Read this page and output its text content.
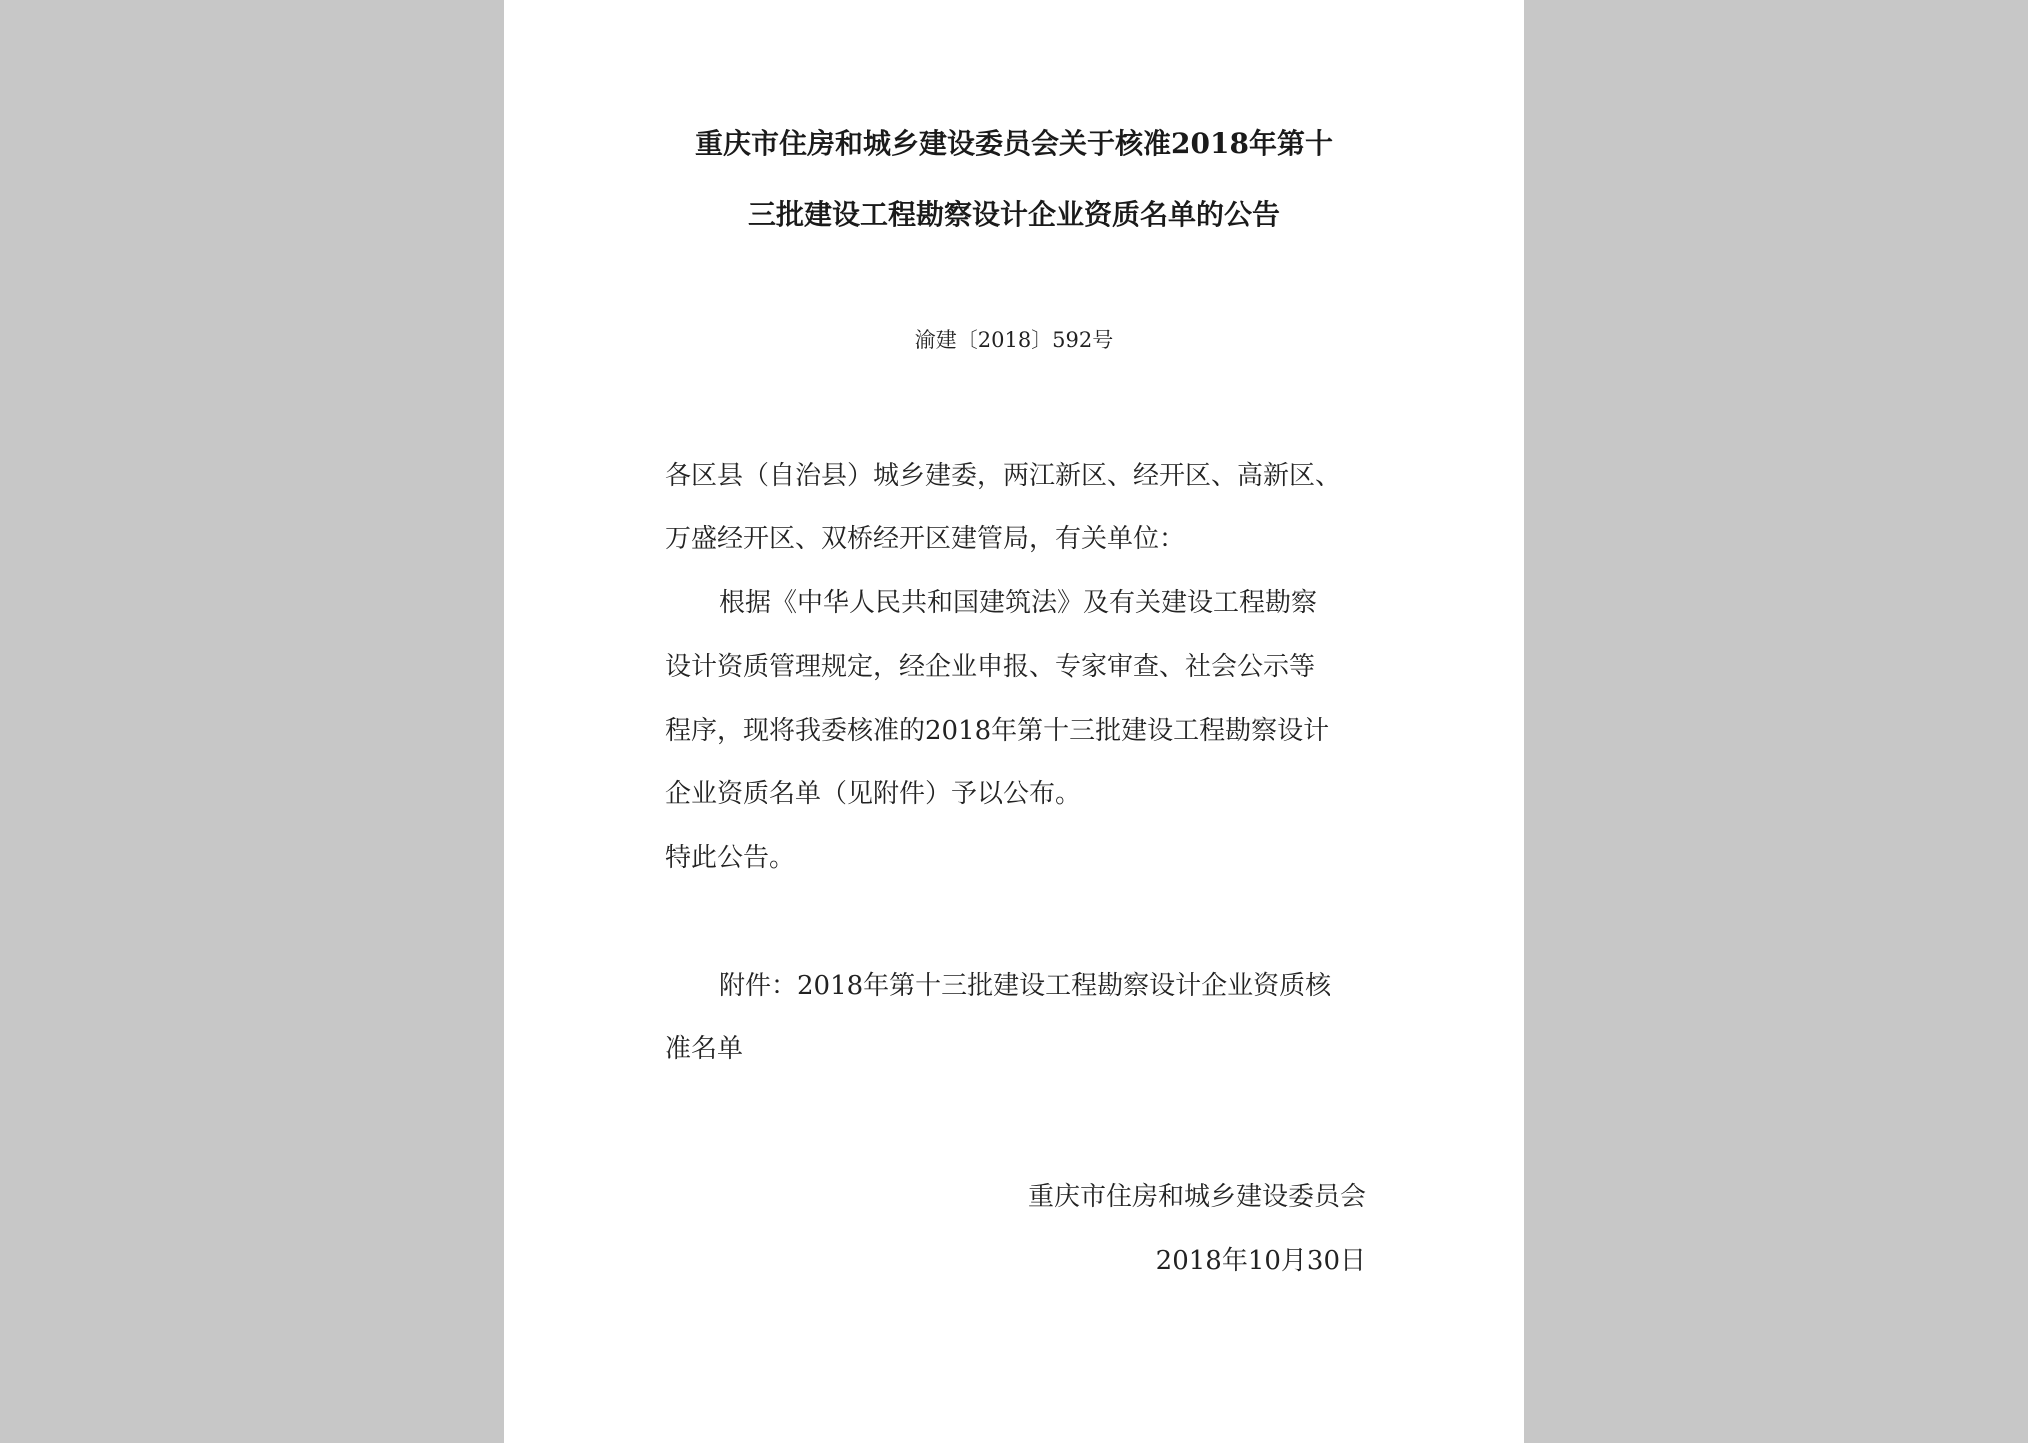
重庆市住房和城乡建设委员会关于核准2018年第十
三批建设工程勘察设计企业资质名单的公告
渝建〔2018〕592号
各区县（自治县）城乡建委，两江新区、经开区、高新区、
万盛经开区、双桥经开区建管局，有关单位：
根据《中华人民共和国建筑法》及有关建设工程勘察
设计资质管理规定，经企业申报、专家审查、社会公示等
程序，现将我委核准的2018年第十三批建设工程勘察设计
企业资质名单（见附件）予以公布。
特此公告。
附件：2018年第十三批建设工程勘察设计企业资质核
准名单
重庆市住房和城乡建设委员会
2018年10月30日
